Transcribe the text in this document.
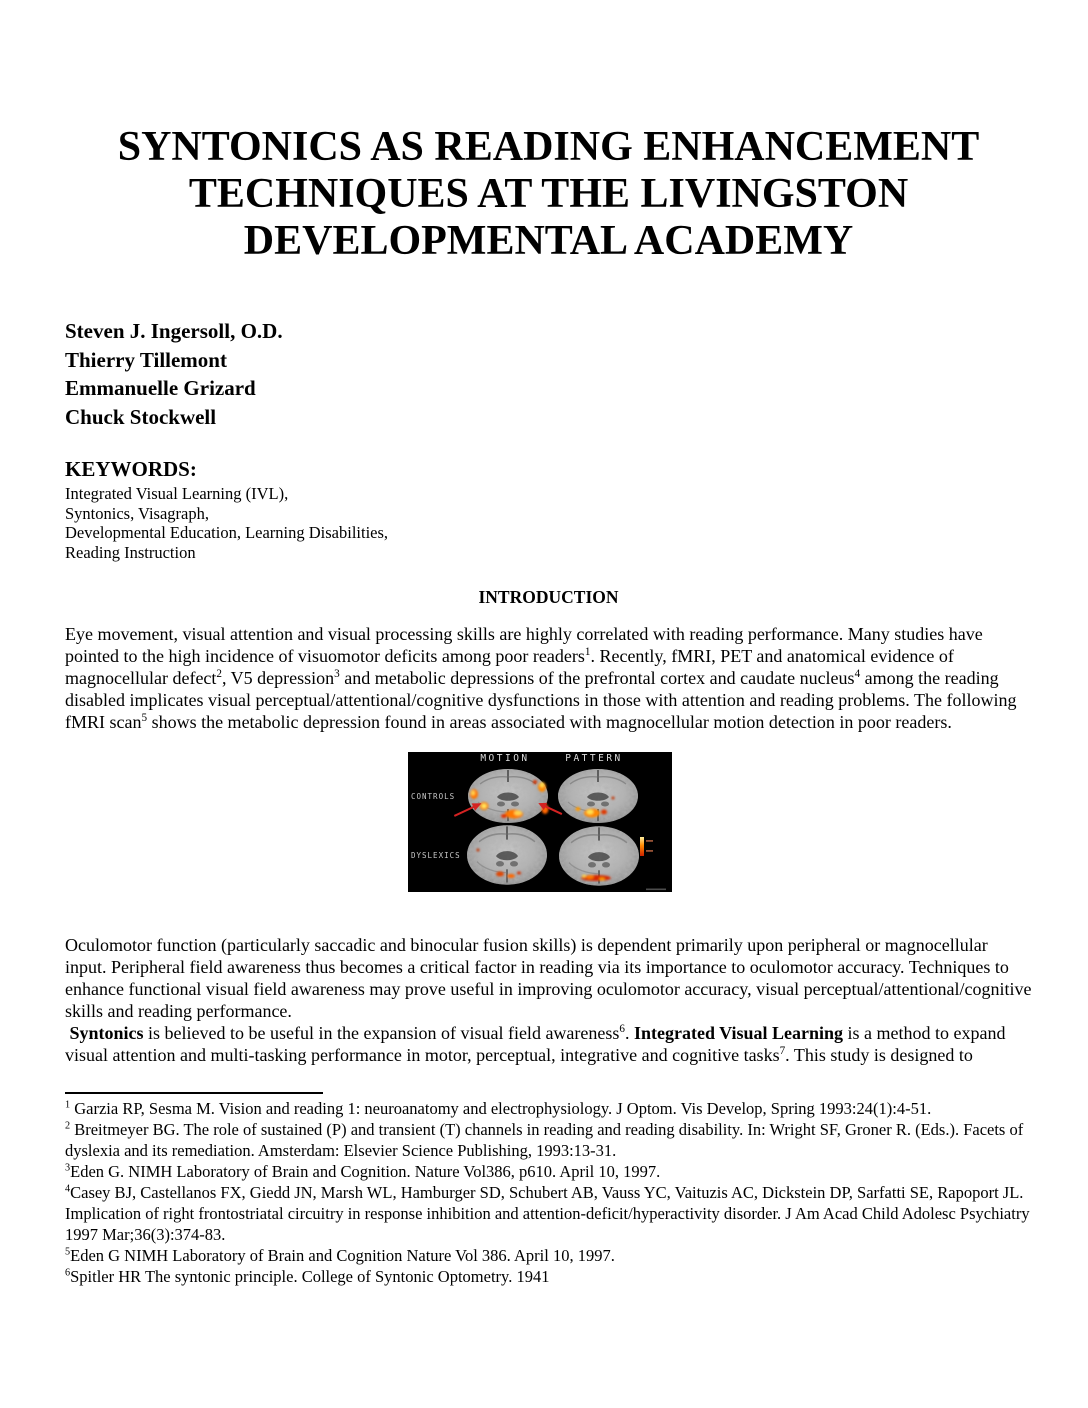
SYNTONICS AS READING ENHANCEMENT
TECHNIQUES AT THE LIVINGSTON
DEVELOPMENTAL ACADEMY
Steven J. Ingersoll, O.D.
Thierry Tillemont
Emmanuelle Grizard
Chuck Stockwell
KEYWORDS:
Integrated Visual Learning (IVL),
Syntonics, Visagraph,
Developmental Education, Learning Disabilities,
Reading Instruction
INTRODUCTION

Eye movement, visual attention and visual processing skills are highly correlated with reading performance. Many studies have pointed to the high incidence of visuomotor deficits among poor readers$^1$. Recently, fMRI, PET and anatomical evidence of magnocellular defect$^2$, V5 depression$^3$ and metabolic depressions of the prefrontal cortex and caudate nucleus$^4$ among the reading disabled implicates visual perceptual/attentional/cognitive dysfunctions in those with attention and reading problems. The following fMRI scan$^5$ shows the metabolic depression found in areas associated with magnocellular motion detection in poor readers.

MOTION	PATTERN
CONTROLS
DYSLEXICS

Oculomotor function (particularly saccadic and binocular fusion skills) is dependent primarily upon peripheral or magnocellular input. Peripheral field awareness thus becomes a critical factor in reading via its importance to oculomotor accuracy. Techniques to enhance functional visual field awareness may prove useful in improving oculomotor accuracy, visual perceptual/attentional/cognitive skills and reading performance.

Syntonics is believed to be useful in the expansion of visual field awareness$^6$. Integrated Visual Learning is a method to expand visual attention and multi-tasking performance in motor, perceptual, integrative and cognitive tasks$^7$. This study is designed to

$^1$ Garzia RP, Sesma M. Vision and reading 1: neuroanatomy and electrophysiology. J Optom. Vis Develop, Spring 1993:24(1):4-51.
$^2$ Breitmeyer BG. The role of sustained (P) and transient (T) channels in reading and reading disability. In: Wright SF, Groner R. (Eds.). Facets of dyslexia and its remediation. Amsterdam: Elsevier Science Publishing, 1993:13-31.
$^3$Eden G. NIMH Laboratory of Brain and Cognition. Nature Vol386, p610. April 10, 1997.
$^4$Casey BJ, Castellanos FX, Giedd JN, Marsh WL, Hamburger SD, Schubert AB, Vauss YC, Vaituzis AC, Dickstein DP, Sarfatti SE, Rapoport JL. Implication of right frontostriatal circuitry in response inhibition and attention-deficit/hyperactivity disorder. J Am Acad Child Adolesc Psychiatry 1997 Mar;36(3):374-83.
$^5$Eden G NIMH Laboratory of Brain and Cognition Nature Vol 386. April 10, 1997.
$^6$Spitler HR The syntonic principle. College of Syntonic Optometry. 1941
